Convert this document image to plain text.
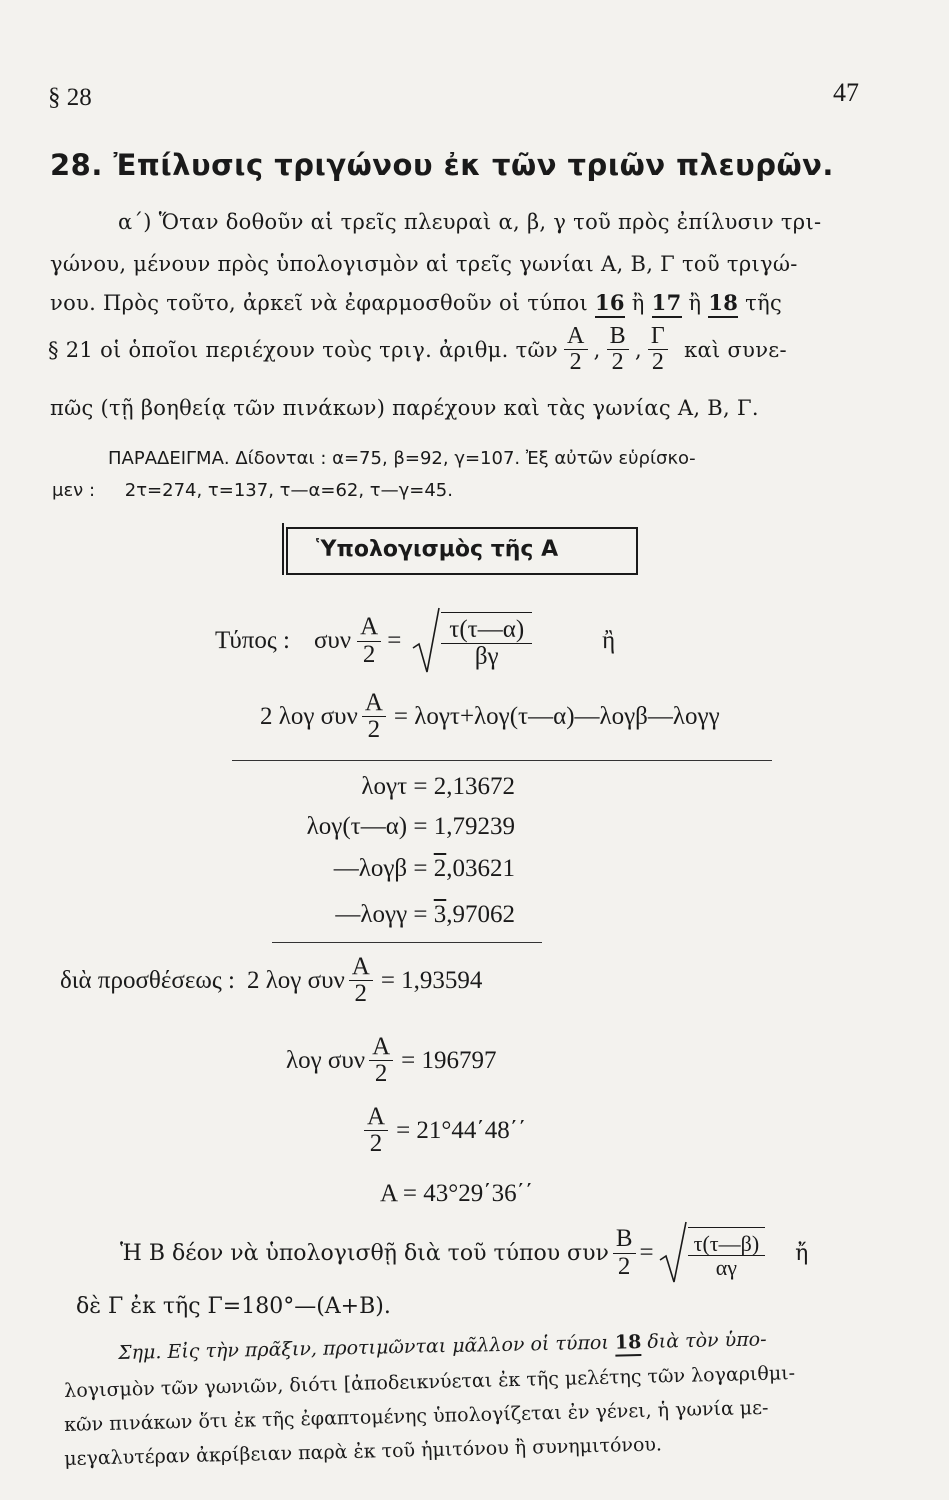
§ 28	47
28. Ἐπίλυσις τριγώνου ἐκ τῶν τριῶν πλευρῶν.
α΄) Ὅταν δοθοῦν αἱ τρεῖς πλευραὶ α, β, γ τοῦ πρὸς ἐπίλυσιν τρι-
γώνου, μένουν πρὸς ὑπολογισμὸν αἱ τρεῖς γωνίαι Α, Β, Γ τοῦ τριγώ-
νου. Πρὸς τοῦτο, ἀρκεῖ νὰ ἐφαρμοσθοῦν οἱ τύποι 16 ἢ 17 ἢ 18 τῆς
§ 21 οἱ ὁποῖοι περιέχουν τοὺς τριγ. ἀριθμ. τῶν $\frac{A}{2}$ , $\frac{B}{2}$ , $\frac{\Gamma}{2}$ καὶ συνε-
πῶς (τῇ βοηθείᾳ τῶν πινάκων) παρέχουν καὶ τὰς γωνίας Α, Β, Γ.
ΠΑΡΑΔΕΙΓΜΑ. Δίδονται : α=75, β=92, γ=107. Ἐξ αὐτῶν εὑρίσκο-
μεν : 2τ=274, τ=137, τ—α=62, τ—γ=45.
Ὑπολογισμὸς τῆς Α
Τύπος : συν $\frac{A}{2} = \frac{\tau(\tau—\alpha)}{\beta\gamma}$	ἢ
2 λογ συν $\frac{A}{2}$ = λογτ+λογ(τ—α)—λογβ—λογγ
λογτ = 2,13672
λογ(τ—α) = 1,79239
—λογβ = 2,03621
—λογγ = 3,97062
διὰ προσθέσεως : 2 λογ συν $\frac{A}{2} = 1,93594$
λογ συν $\frac{A}{2} = 196797$
$\frac{A}{2} = 21^\circ 44΄48΄΄$
Α = 43°29΄36΄΄
Ἡ Β δέον νὰ ὑπολογισθῇ διὰ τοῦ τύπου συν $\frac{B}{2} = \frac{\tau(\tau—\beta)}{\alpha\gamma}$ ἤ
δὲ Γ ἐκ τῆς Γ=180°—(Α+Β).
Σημ. Εἰς τὴν πρᾶξιν, προτιμῶνται μᾶλλον οἱ τύποι 18 διὰ τὸν ὑπο-
λογισμὸν τῶν γωνιῶν, διότι [ἀποδεικνύεται ἐκ τῆς μελέτης τῶν λογαριθμι-
κῶν πινάκων ὅτι ἐκ τῆς ἐφαπτομένης ὑπολογίζεται ἐν γένει, ἡ γωνία με-
μεγαλυτέραν ἀκρίβειαν παρὰ ἐκ τοῦ ἡμιτόνου ἢ συνημιτόνου.
